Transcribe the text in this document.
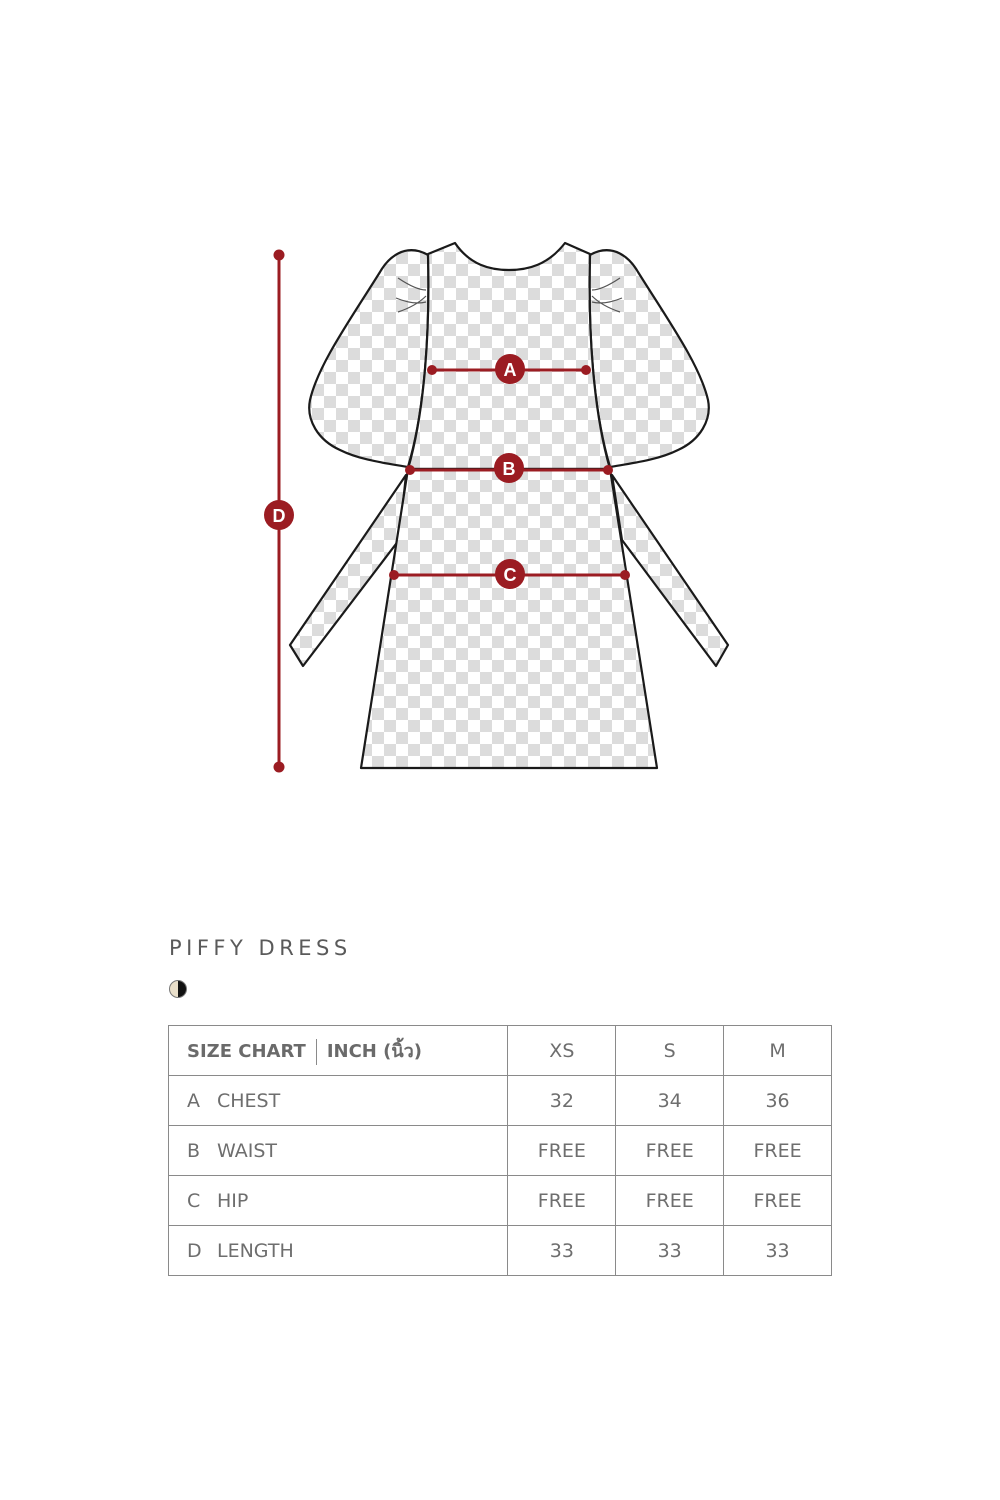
A
B
C
D
PIFFY DRESS
SIZE CHART INCH (นิ้ว)	XS	S	M
A CHEST	32	34	36
B WAIST	FREE	FREE	FREE
C HIP	FREE	FREE	FREE
D LENGTH	33	33	33
